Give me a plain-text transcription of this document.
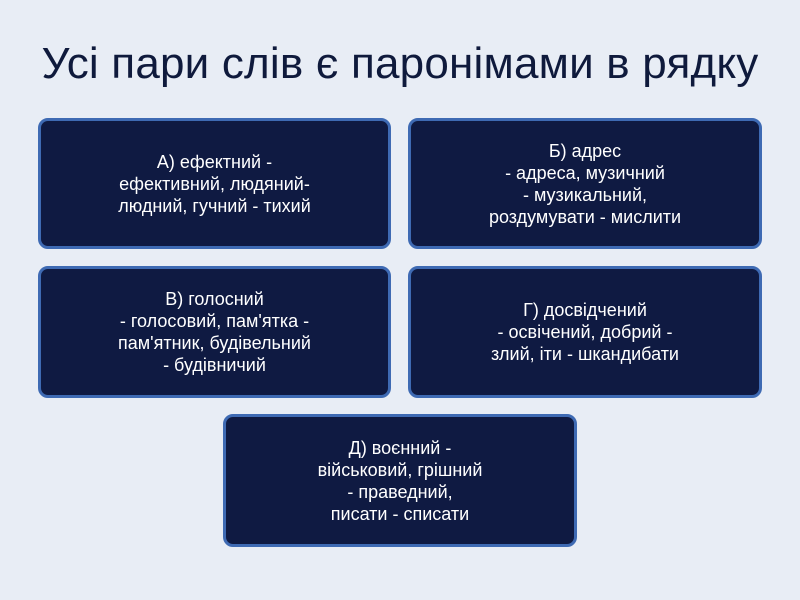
Усі пари слів є паронімами в рядку
А) ефектний -
ефективний, людяний-
людний, гучний - тихий
Б) адрес
- адреса, музичний
- музикальний,
роздумувати - мислити
В) голосний
- голосовий, пам'ятка -
пам'ятник, будівельний
- будівничий
Г) досвідчений
- освічений, добрий -
злий, іти - шкандибати
Д) воєнний -
військовий, грішний
- праведний,
писати - списати
